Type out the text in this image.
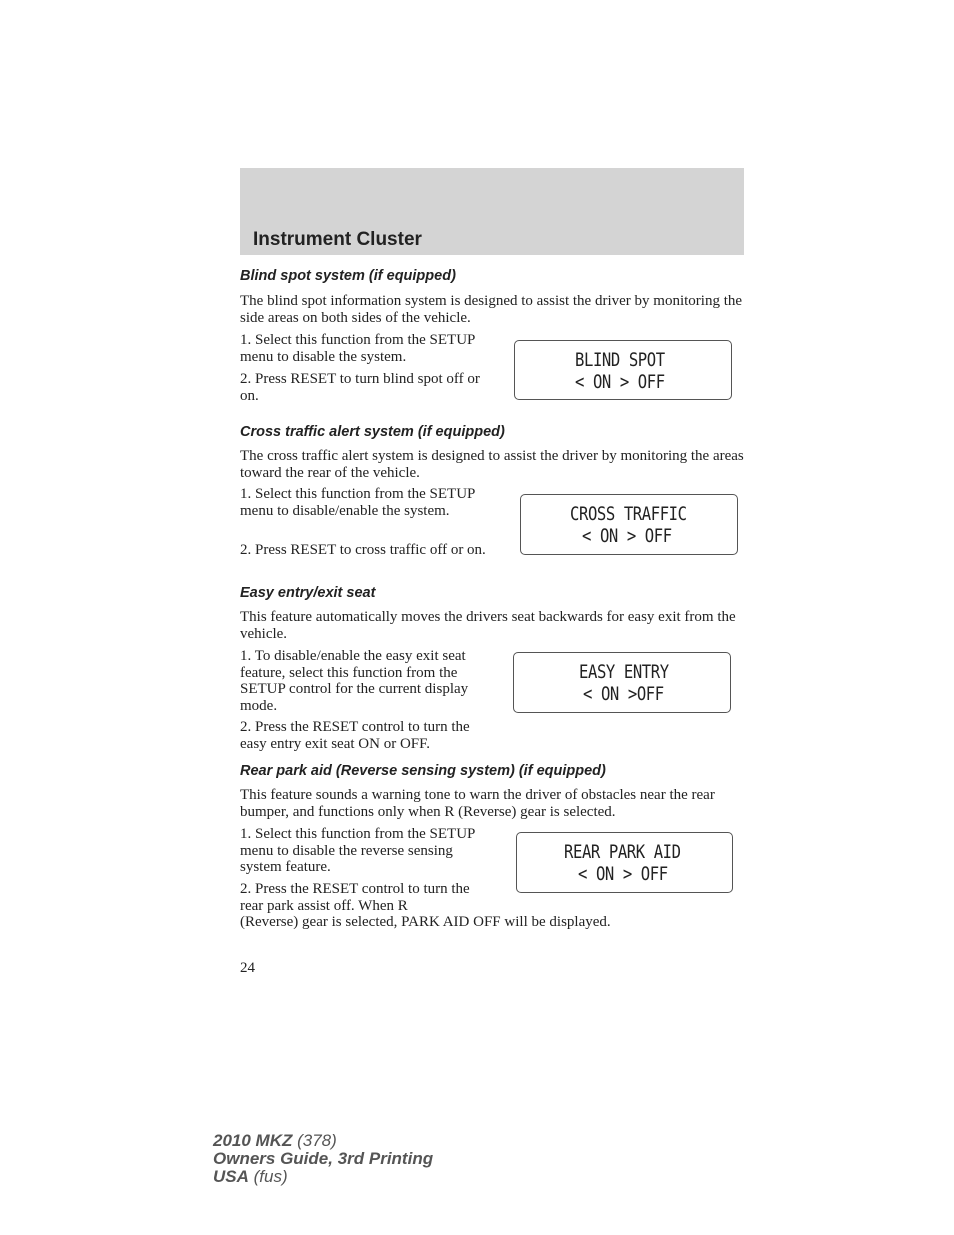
Instrument Cluster
Blind spot system (if equipped)

The blind spot information system is designed to assist the driver by monitoring the side areas on both sides of the vehicle.

1. Select this function from the SETUP menu to disable the system.

2. Press RESET to turn blind spot off or on.

BLIND SPOT

< ON > OFF

Cross traffic alert system (if equipped)

The cross traffic alert system is designed to assist the driver by monitoring the areas toward the rear of the vehicle.

1. Select this function from the SETUP menu to disable/enable the system.

2. Press RESET to cross traffic off or on.

CROSS TRAFFIC

< ON > OFF

Easy entry/exit seat

This feature automatically moves the drivers seat backwards for easy exit from the vehicle.

1. To disable/enable the easy exit seat feature, select this function from the SETUP control for the current display mode.

2. Press the RESET control to turn the easy entry exit seat ON or OFF.

EASY ENTRY

< ON >OFF

Rear park aid (Reverse sensing system) (if equipped)

This feature sounds a warning tone to warn the driver of obstacles near the rear bumper, and functions only when R (Reverse) gear is selected.

1. Select this function from the SETUP menu to disable the reverse sensing system feature.

2. Press the RESET control to turn the rear park assist off. When R

(Reverse) gear is selected, PARK AID OFF will be displayed.

REAR PARK AID

< ON > OFF

24

2010 MKZ (378)
Owners Guide, 3rd Printing
USA (fus)
